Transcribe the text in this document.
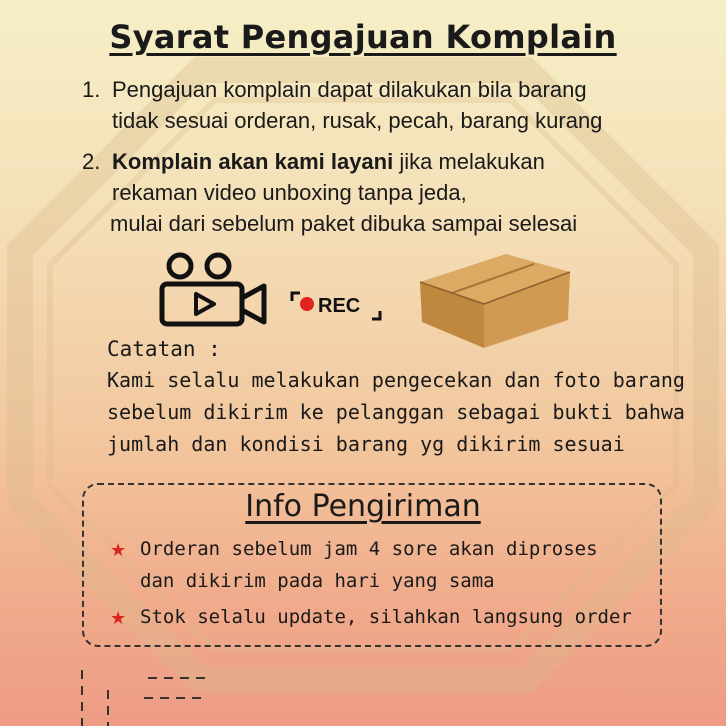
Syarat Pengajuan Komplain
1. Pengajuan komplain dapat dilakukan bila barang
tidak sesuai orderan, rusak, pecah, barang kurang
2. Komplain akan kami layani jika melakukan
rekaman video unboxing tanpa jeda,
mulai dari sebelum paket dibuka sampai selesai
REC
Catatan :
Kami selalu melakukan pengecekan dan foto barang
sebelum dikirim ke pelanggan sebagai bukti bahwa
jumlah dan kondisi barang yg dikirim sesuai
Info Pengiriman
★ Orderan sebelum jam 4 sore akan diproses
dan dikirim pada hari yang sama
★ Stok selalu update, silahkan langsung order
